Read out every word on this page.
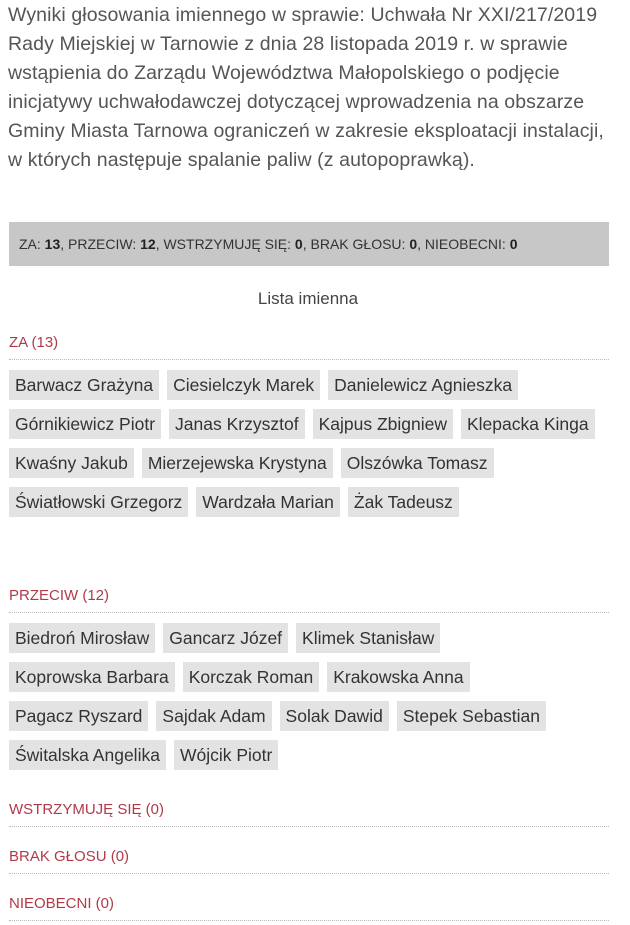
Wyniki głosowania imiennego w sprawie: Uchwała Nr XXI/217/2019 Rady Miejskiej w Tarnowie z dnia 28 listopada 2019 r. w sprawie wstąpienia do Zarządu Województwa Małopolskiego o podjęcie inicjatywy uchwałodawczej dotyczącej wprowadzenia na obszarze Gminy Miasta Tarnowa ograniczeń w zakresie eksploatacji instalacji, w których następuje spalanie paliw (z autopoprawką).
ZA: 13, PRZECIW: 12, WSTRZYMUJĘ SIĘ: 0, BRAK GŁOSU: 0, NIEOBECNI: 0
Lista imienna
ZA (13)
Barwacz Grażyna	Ciesielczyk Marek	Danielewicz Agnieszka
Górnikiewicz Piotr	Janas Krzysztof	Kajpus Zbigniew	Klepacka Kinga
Kwaśny Jakub	Mierzejewska Krystyna	Olszówka Tomasz
Światłowski Grzegorz	Wardzała Marian	Żak Tadeusz
PRZECIW (12)
Biedroń Mirosław	Gancarz Józef	Klimek Stanisław
Koprowska Barbara	Korczak Roman	Krakowska Anna
Pagacz Ryszard	Sajdak Adam	Solak Dawid	Stepek Sebastian
Świtalska Angelika	Wójcik Piotr
WSTRZYMUJĘ SIĘ (0)
BRAK GŁOSU (0)
NIEOBECNI (0)
